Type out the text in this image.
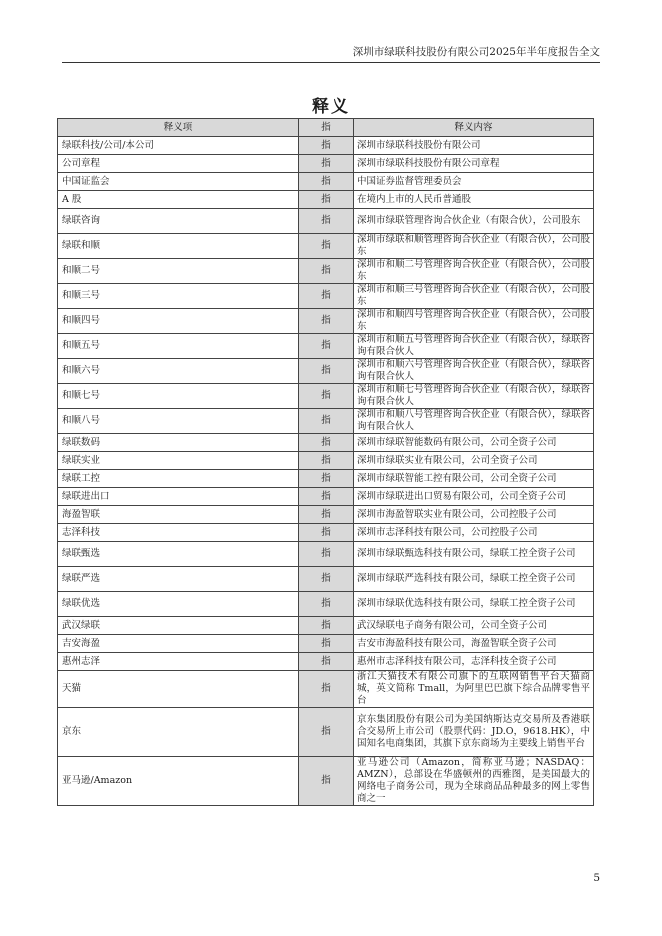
深圳市绿联科技股份有限公司2025年半年度报告全文
释义
释义项	指	释义内容
绿联科技/公司/本公司	指	深圳市绿联科技股份有限公司
公司章程	指	深圳市绿联科技股份有限公司章程
中国证监会	指	中国证券监督管理委员会
A 股	指	在境内上市的人民币普通股
绿联咨询	指	深圳市绿联管理咨询合伙企业（有限合伙），公司股东
绿联和顺	指	深圳市绿联和顺管理咨询合伙企业（有限合伙），公司股东
和顺二号	指	深圳市和顺二号管理咨询合伙企业（有限合伙），公司股东
和顺三号	指	深圳市和顺三号管理咨询合伙企业（有限合伙），公司股东
和顺四号	指	深圳市和顺四号管理咨询合伙企业（有限合伙），公司股东
和顺五号	指	深圳市和顺五号管理咨询合伙企业（有限合伙），绿联咨询有限合伙人
和顺六号	指	深圳市和顺六号管理咨询合伙企业（有限合伙），绿联咨询有限合伙人
和顺七号	指	深圳市和顺七号管理咨询合伙企业（有限合伙），绿联咨询有限合伙人
和顺八号	指	深圳市和顺八号管理咨询合伙企业（有限合伙），绿联咨询有限合伙人
绿联数码	指	深圳市绿联智能数码有限公司，公司全资子公司
绿联实业	指	深圳市绿联实业有限公司，公司全资子公司
绿联工控	指	深圳市绿联智能工控有限公司，公司全资子公司
绿联进出口	指	深圳市绿联进出口贸易有限公司，公司全资子公司
海盈智联	指	深圳市海盈智联实业有限公司，公司控股子公司
志泽科技	指	深圳市志泽科技有限公司，公司控股子公司
绿联甄选	指	深圳市绿联甄选科技有限公司，绿联工控全资子公司
绿联严选	指	深圳市绿联严选科技有限公司，绿联工控全资子公司
绿联优选	指	深圳市绿联优选科技有限公司，绿联工控全资子公司
武汉绿联	指	武汉绿联电子商务有限公司，公司全资子公司
吉安海盈	指	吉安市海盈科技有限公司，海盈智联全资子公司
惠州志泽	指	惠州市志泽科技有限公司，志泽科技全资子公司
天猫	指	浙江天猫技术有限公司旗下的互联网销售平台天猫商城，英文简称 Tmall，为阿里巴巴旗下综合品牌零售平台
京东	指	京东集团股份有限公司为美国纳斯达克交易所及香港联合交易所上市公司（股票代码：JD.O，9618.HK），中国知名电商集团，其旗下京东商场为主要线上销售平台
亚马逊/Amazon	指	亚马逊公司（Amazon，简称亚马逊；NASDAQ：AMZN），总部设在华盛顿州的西雅图，是美国最大的网络电子商务公司，现为全球商品品种最多的网上零售商之一
5
